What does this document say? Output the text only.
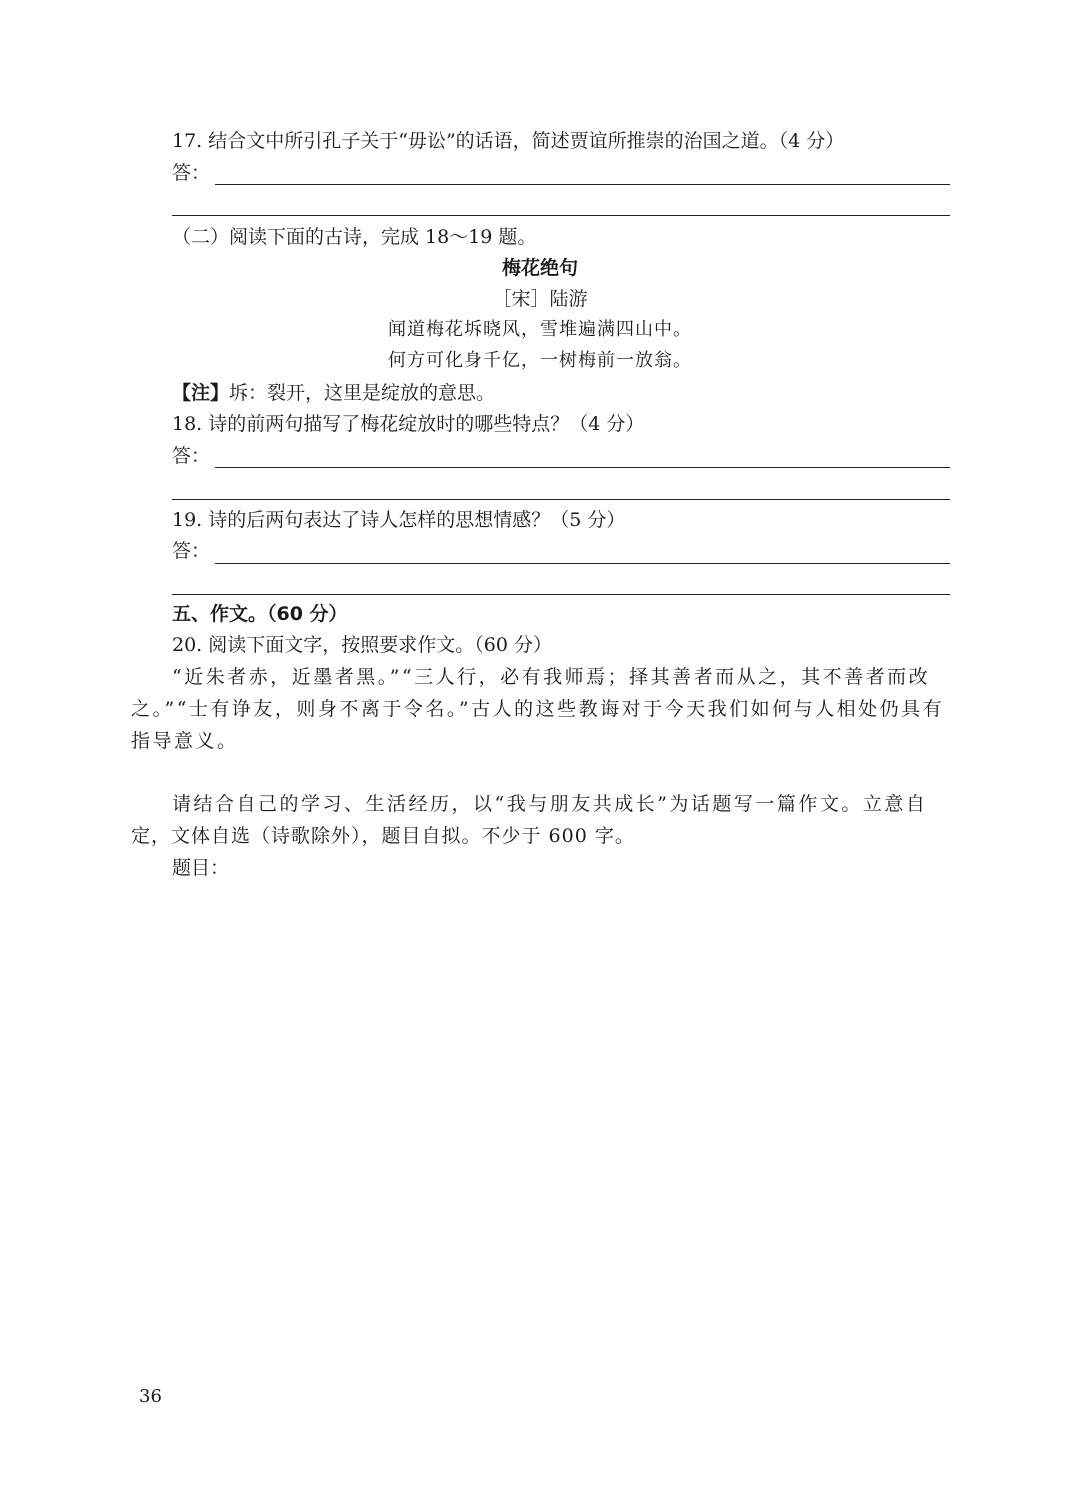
17. 结合文中所引孔子关于“毋讼”的话语，简述贾谊所推崇的治国之道。（4 分）
答：
（二）阅读下面的古诗，完成 18～19 题。
梅花绝句
［宋］陆游
闻道梅花坼晓风，雪堆遍满四山中。
何方可化身千亿，一树梅前一放翁。
【注】坼：裂开，这里是绽放的意思。
18. 诗的前两句描写了梅花绽放时的哪些特点？（4 分）
答：
19. 诗的后两句表达了诗人怎样的思想情感？（5 分）
答：
五、作文。（60 分）
20. 阅读下面文字，按照要求作文。（60 分）
“近朱者赤，近墨者黑。”“三人行，必有我师焉；择其善者而从之，其不善者而改
之。”“士有诤友，则身不离于令名。”古人的这些教诲对于今天我们如何与人相处仍具有
指导意义。
请结合自己的学习、生活经历，以“我与朋友共成长”为话题写一篇作文。立意自
定，文体自选（诗歌除外），题目自拟。不少于 600 字。
题目：
36
